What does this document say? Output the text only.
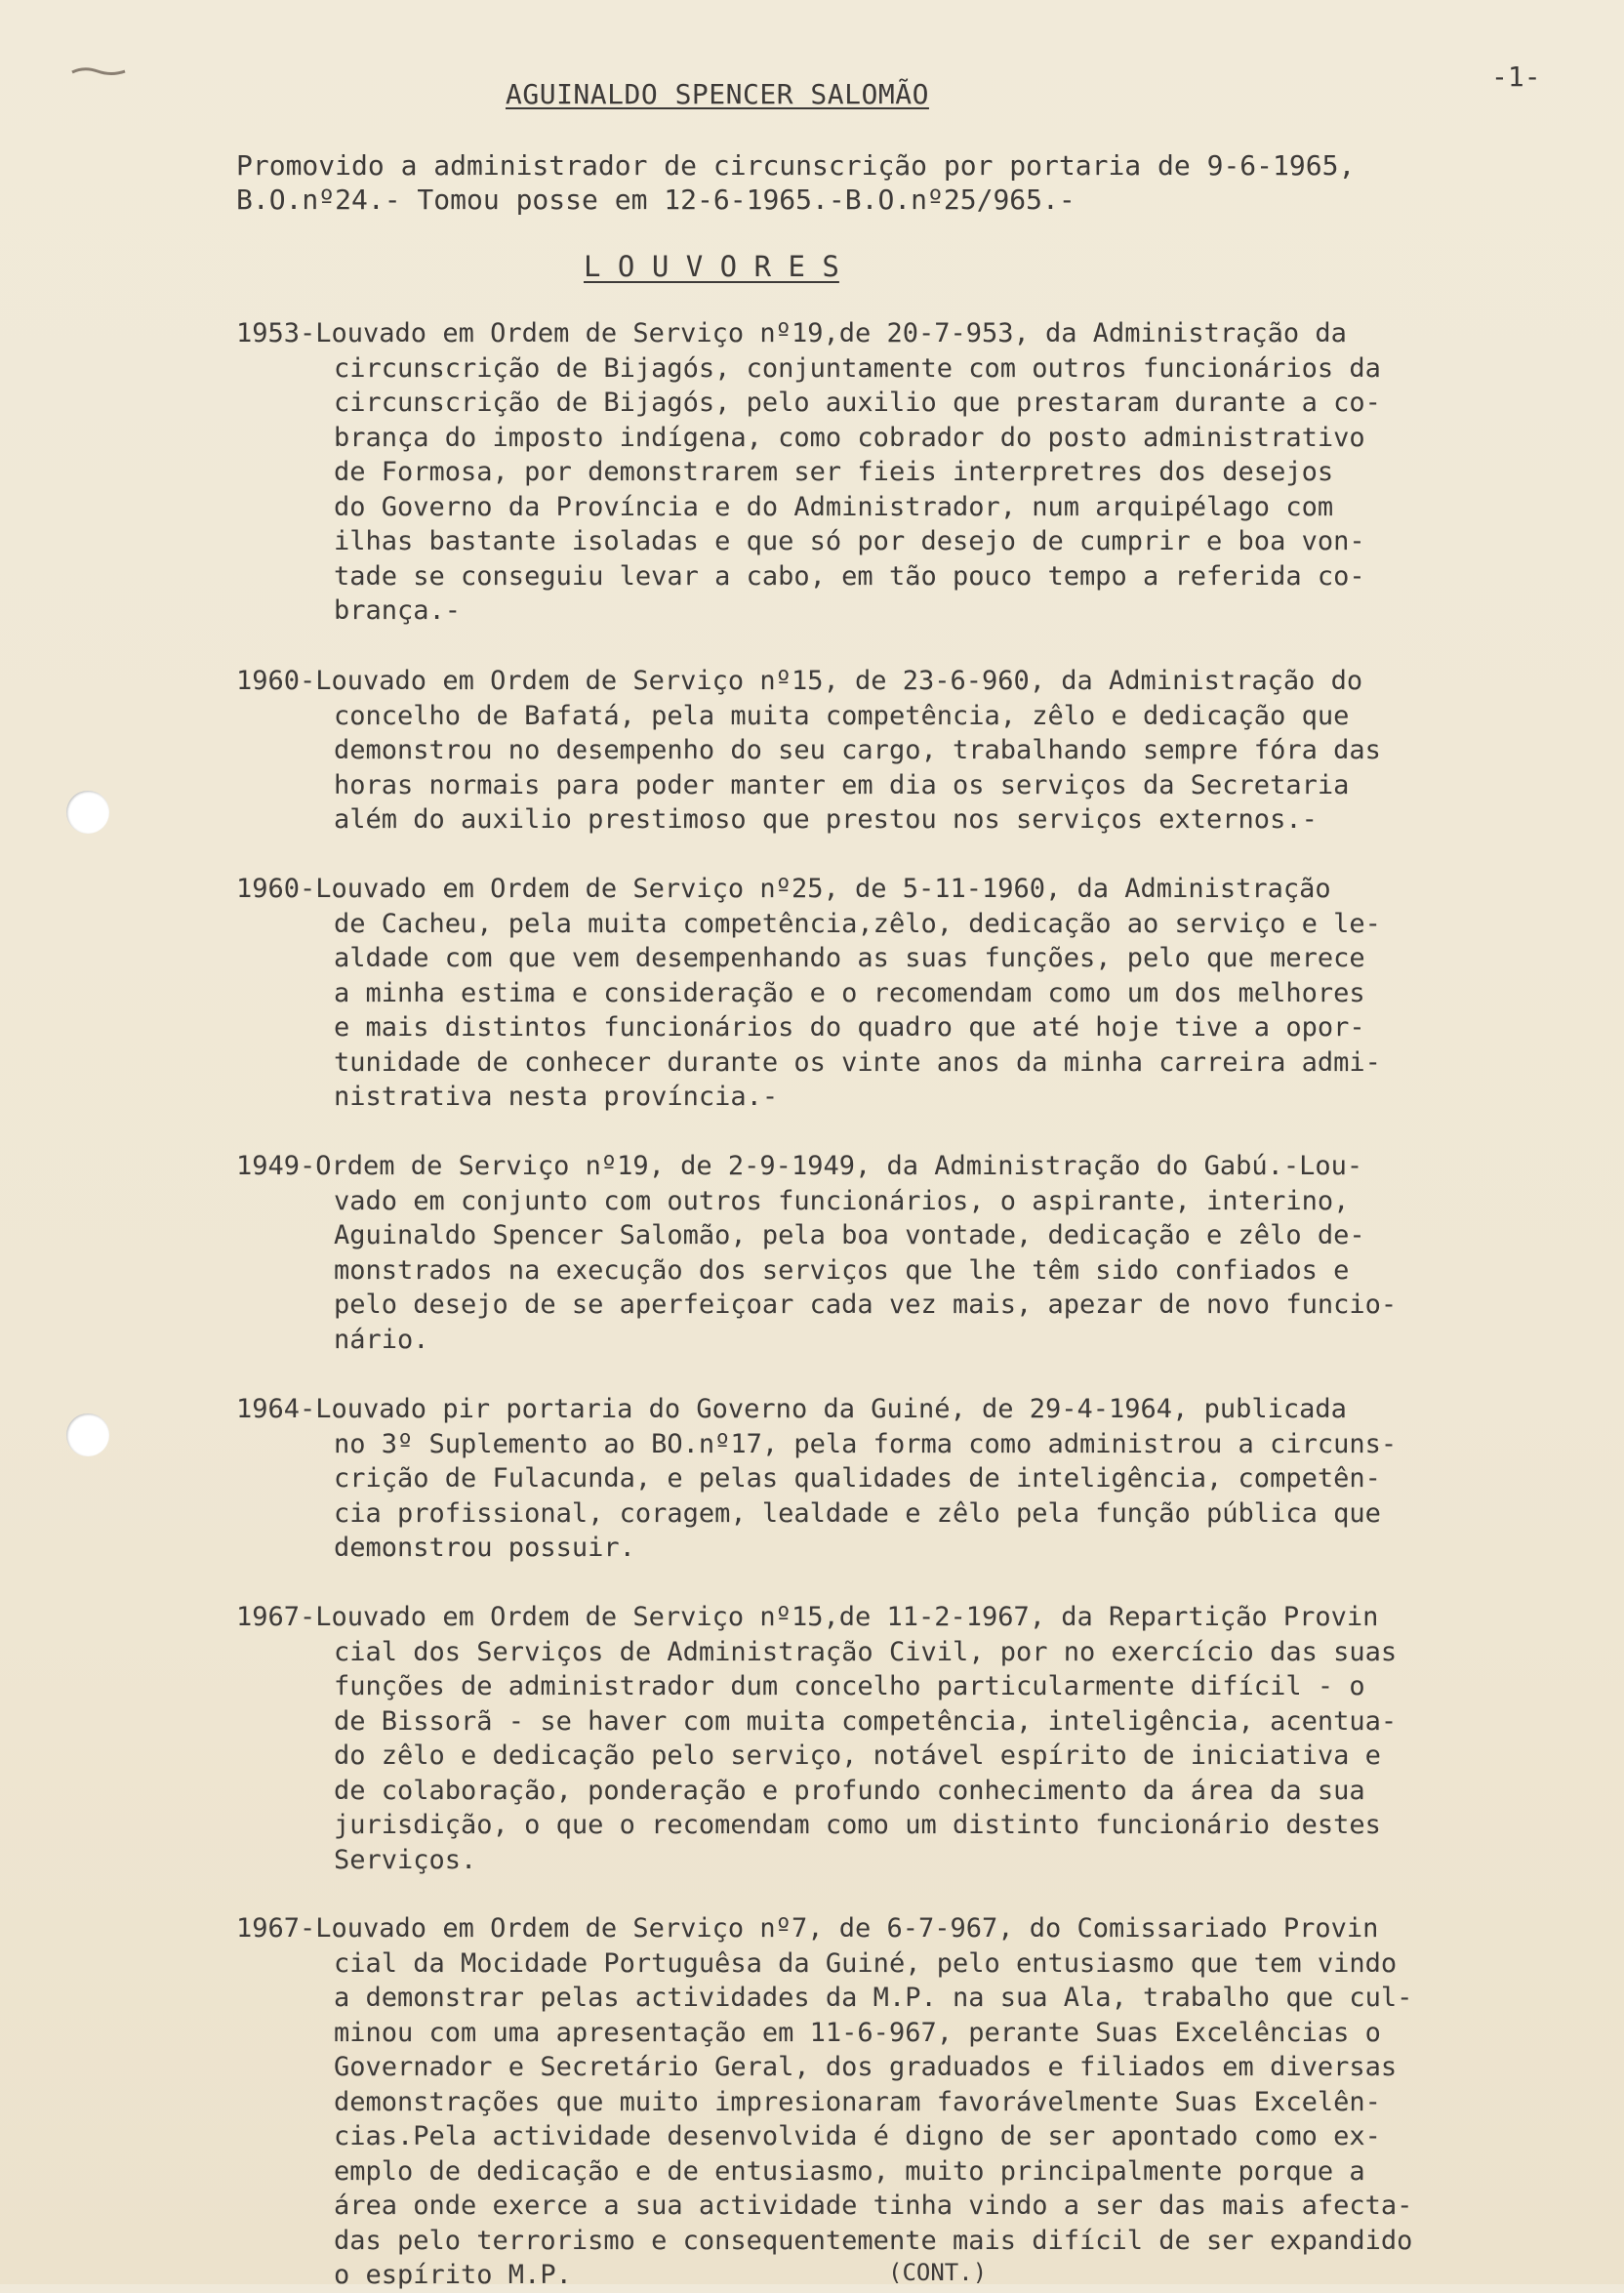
AGUINALDO SPENCER SALOMÃO
-1-
Promovido a administrador de circunscrição por portaria de 9-6-1965,
B.O.nº24.- Tomou posse em 12-6-1965.-B.O.nº25/965.-
L O U V O R E S
1953-Louvado em Ordem de Serviço nº19,de 20-7-953, da Administração da
circunscrição de Bijagós, conjuntamente com outros funcionários da
circunscrição de Bijagós, pelo auxilio que prestaram durante a co-
brança do imposto indígena, como cobrador do posto administrativo
de Formosa, por demonstrarem ser fieis interpretres dos desejos
do Governo da Província e do Administrador, num arquipélago com
ilhas bastante isoladas e que só por desejo de cumprir e boa von-
tade se conseguiu levar a cabo, em tão pouco tempo a referida co-
brança.-
1960-Louvado em Ordem de Serviço nº15, de 23-6-960, da Administração do
concelho de Bafatá, pela muita competência, zêlo e dedicação que
demonstrou no desempenho do seu cargo, trabalhando sempre fóra das
horas normais para poder manter em dia os serviços da Secretaria
além do auxilio prestimoso que prestou nos serviços externos.-
1960-Louvado em Ordem de Serviço nº25, de 5-11-1960, da Administração
de Cacheu, pela muita competência,zêlo, dedicação ao serviço e le-
aldade com que vem desempenhando as suas funções, pelo que merece
a minha estima e consideração e o recomendam como um dos melhores
e mais distintos funcionários do quadro que até hoje tive a opor-
tunidade de conhecer durante os vinte anos da minha carreira admi-
nistrativa nesta província.-
1949-Ordem de Serviço nº19, de 2-9-1949, da Administração do Gabú.-Lou-
vado em conjunto com outros funcionários, o aspirante, interino,
Aguinaldo Spencer Salomão, pela boa vontade, dedicação e zêlo de-
monstrados na execução dos serviços que lhe têm sido confiados e
pelo desejo de se aperfeiçoar cada vez mais, apezar de novo funcio-
nário.
1964-Louvado pir portaria do Governo da Guiné, de 29-4-1964, publicada
no 3º Suplemento ao BO.nº17, pela forma como administrou a circuns-
crição de Fulacunda, e pelas qualidades de inteligência, competên-
cia profissional, coragem, lealdade e zêlo pela função pública que
demonstrou possuir.
1967-Louvado em Ordem de Serviço nº15,de 11-2-1967, da Repartição Provin
cial dos Serviços de Administração Civil, por no exercício das suas
funções de administrador dum concelho particularmente difícil - o
de Bissorã - se haver com muita competência, inteligência, acentua-
do zêlo e dedicação pelo serviço, notável espírito de iniciativa e
de colaboração, ponderação e profundo conhecimento da área da sua
jurisdição, o que o recomendam como um distinto funcionário destes
Serviços.
1967-Louvado em Ordem de Serviço nº7, de 6-7-967, do Comissariado Provin
cial da Mocidade Portuguêsa da Guiné, pelo entusiasmo que tem vindo
a demonstrar pelas actividades da M.P. na sua Ala, trabalho que cul-
minou com uma apresentação em 11-6-967, perante Suas Excelências o
Governador e Secretário Geral, dos graduados e filiados em diversas
demonstrações que muito impresionaram favorávelmente Suas Excelên-
cias.Pela actividade desenvolvida é digno de ser apontado como ex-
emplo de dedicação e de entusiasmo, muito principalmente porque a
área onde exerce a sua actividade tinha vindo a ser das mais afecta-
das pelo terrorismo e consequentemente mais difícil de ser expandido
o espírito M.P.	(CONT.)
